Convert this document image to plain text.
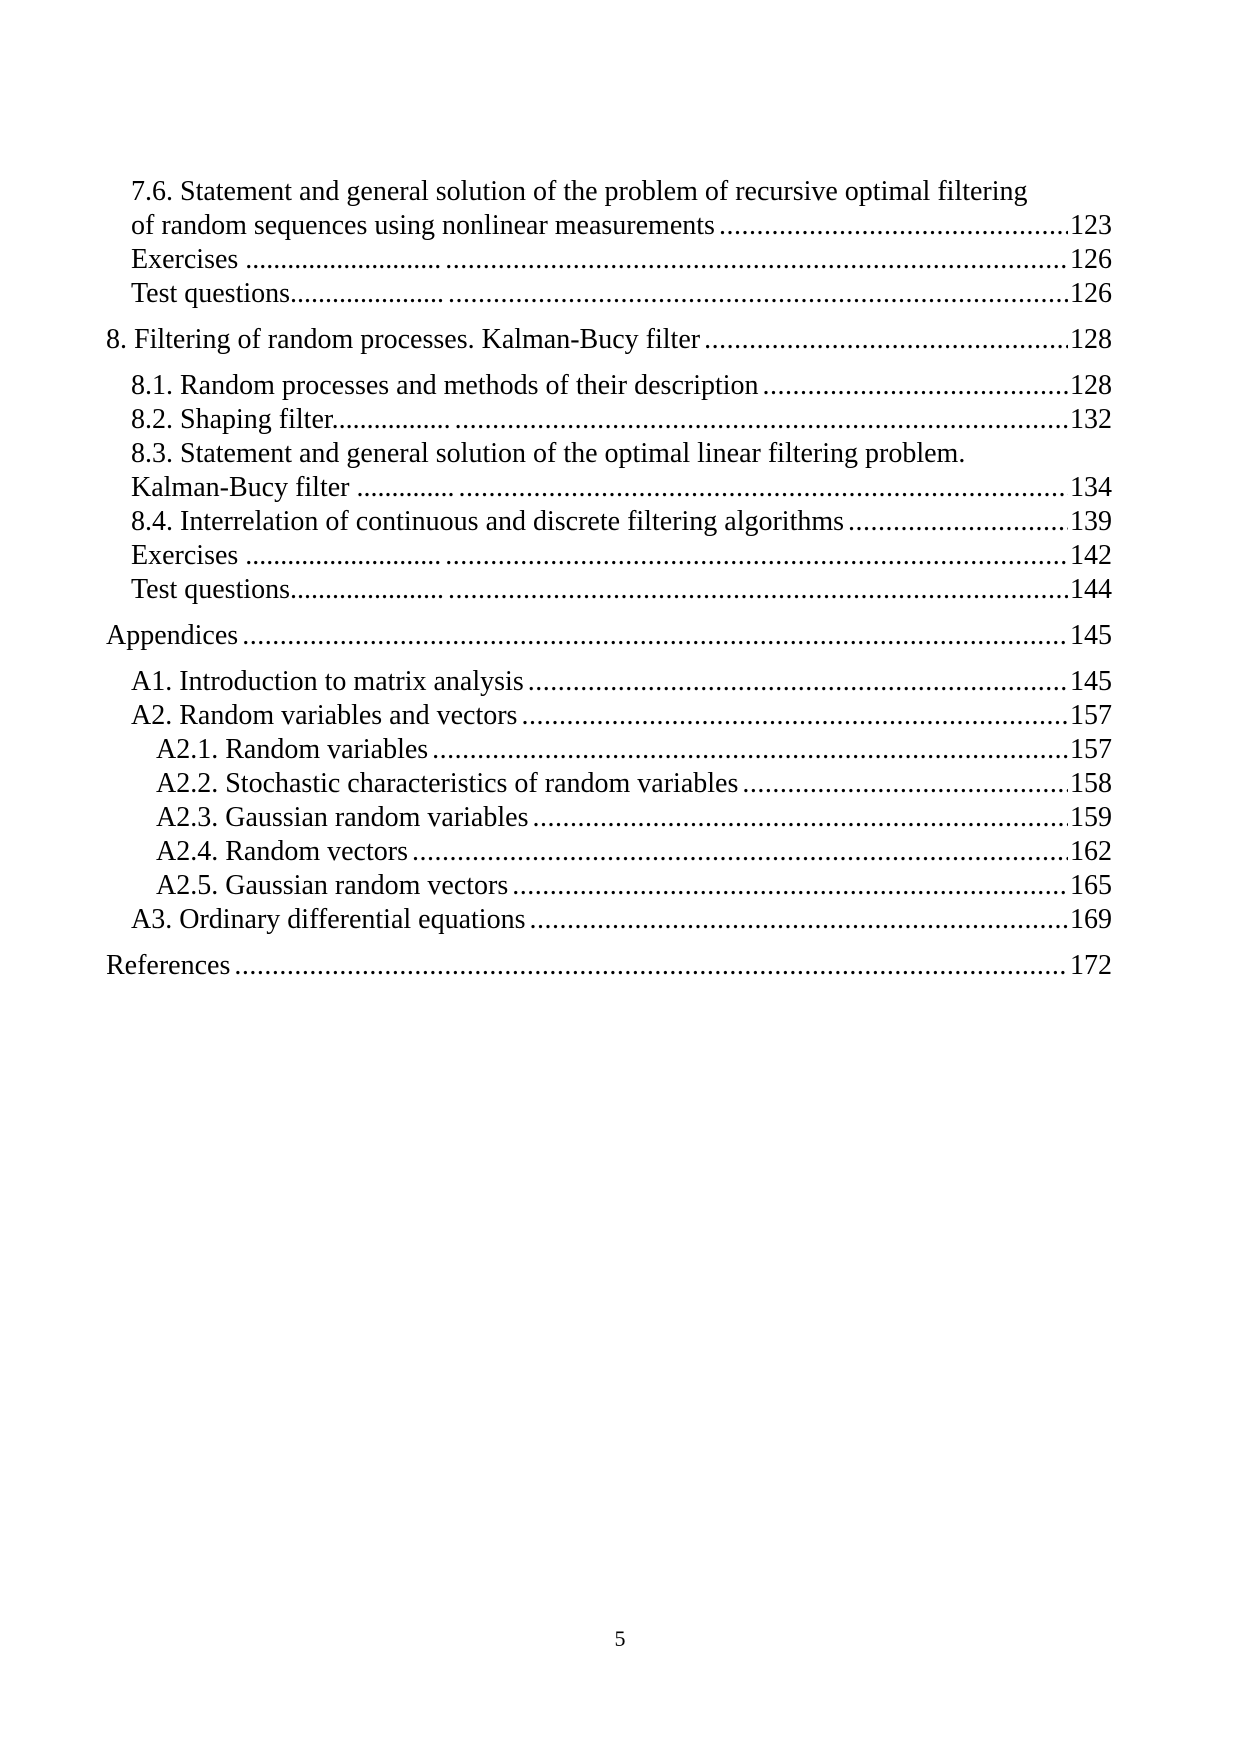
7.6. Statement and general solution of the problem of recursive optimal filtering
of random sequences using nonlinear measurements .....	123
Exercises ............................ .....	126
Test questions...................... .....	126
8. Filtering of random processes. Kalman-Bucy filter .....	128
8.1. Random processes and methods of their description .....	128
8.2. Shaping filter................. .....	132
8.3. Statement and general solution of the optimal linear filtering problem.
Kalman-Bucy filter .............. .....	134
8.4. Interrelation of continuous and discrete filtering algorithms .....	139
Exercises ............................ .....	142
Test questions...................... .....	144
Appendices .....	145
A1. Introduction to matrix analysis .....	145
A2. Random variables and vectors .....	157
A2.1. Random variables .....	157
A2.2. Stochastic characteristics of random variables .....	158
A2.3. Gaussian random variables .....	159
A2.4. Random vectors .....	162
A2.5. Gaussian random vectors .....	165
A3. Ordinary differential equations .....	169
References .....	172
5
